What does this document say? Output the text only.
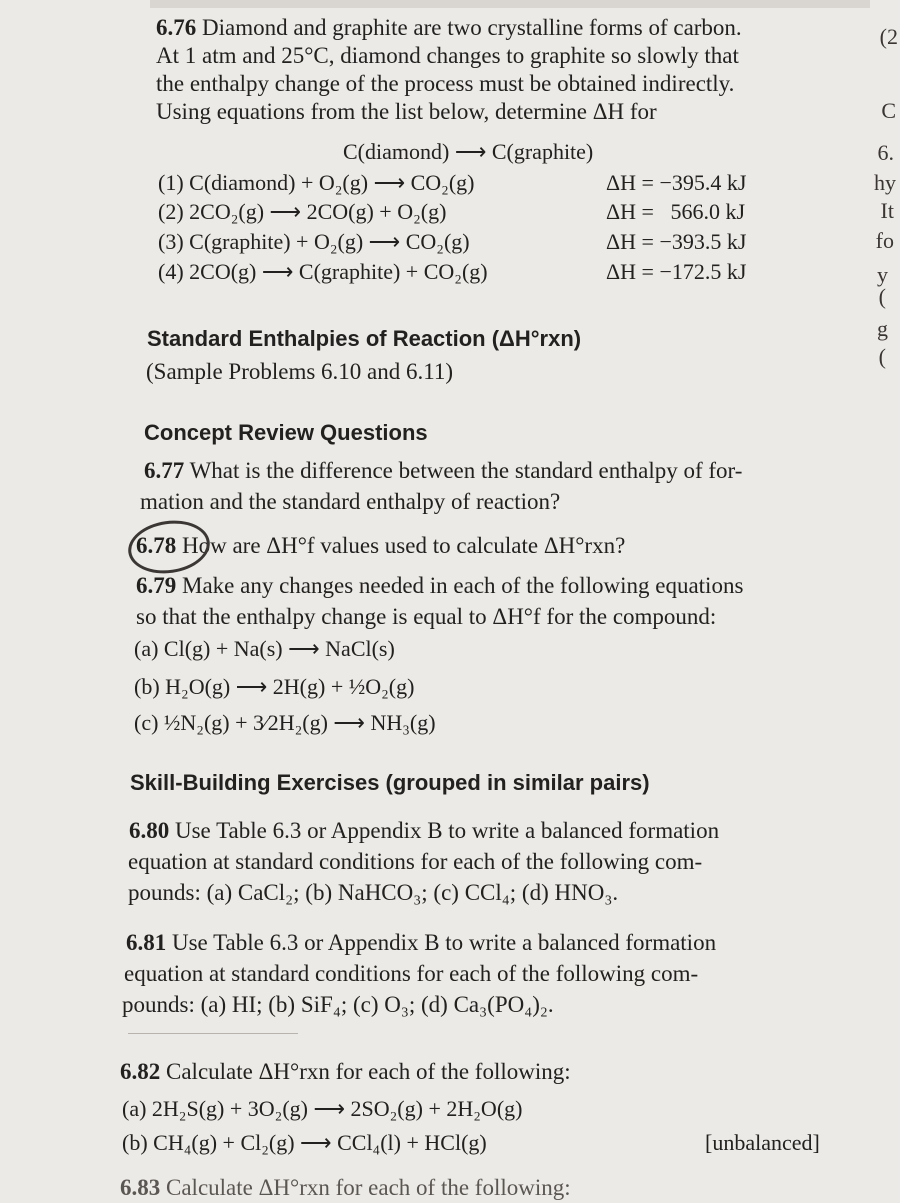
6.76 Diamond and graphite are two crystalline forms of carbon.
At 1 atm and 25°C, diamond changes to graphite so slowly that
the enthalpy change of the process must be obtained indirectly.
Using equations from the list below, determine ΔH for
C(diamond) ⟶ C(graphite)
(1) C(diamond) + O₂(g) ⟶ CO₂(g)	ΔH = −395.4 kJ
(2) 2CO₂(g) ⟶ 2CO(g) + O₂(g)	ΔH =   566.0 kJ
(3) C(graphite) + O₂(g) ⟶ CO₂(g)	ΔH = −393.5 kJ
(4) 2CO(g) ⟶ C(graphite) + CO₂(g)	ΔH = −172.5 kJ
Standard Enthalpies of Reaction (ΔH°rxn)
(Sample Problems 6.10 and 6.11)
Concept Review Questions
6.77 What is the difference between the standard enthalpy of for-
mation and the standard enthalpy of reaction?
6.78 How are ΔH°f values used to calculate ΔH°rxn?
6.79 Make any changes needed in each of the following equations
so that the enthalpy change is equal to ΔH°f for the compound:
(a) Cl(g) + Na(s) ⟶ NaCl(s)
(b) H₂O(g) ⟶ 2H(g) + ½O₂(g)
(c) ½N₂(g) + 3⁄2H₂(g) ⟶ NH₃(g)
Skill-Building Exercises (grouped in similar pairs)
6.80 Use Table 6.3 or Appendix B to write a balanced formation
equation at standard conditions for each of the following com-
pounds: (a) CaCl₂; (b) NaHCO₃; (c) CCl₄; (d) HNO₃.
6.81 Use Table 6.3 or Appendix B to write a balanced formation
equation at standard conditions for each of the following com-
pounds: (a) HI; (b) SiF₄; (c) O₃; (d) Ca₃(PO₄)₂.
6.82 Calculate ΔH°rxn for each of the following:
(a) 2H₂S(g) + 3O₂(g) ⟶ 2SO₂(g) + 2H₂O(g)
(b) CH₄(g) + Cl₂(g) ⟶ CCl₄(l) + HCl(g)	[unbalanced]
6.83 Calculate ΔH°rxn for each of the following:
(2
C
6.
hy
It
fo
y
(
g
(
